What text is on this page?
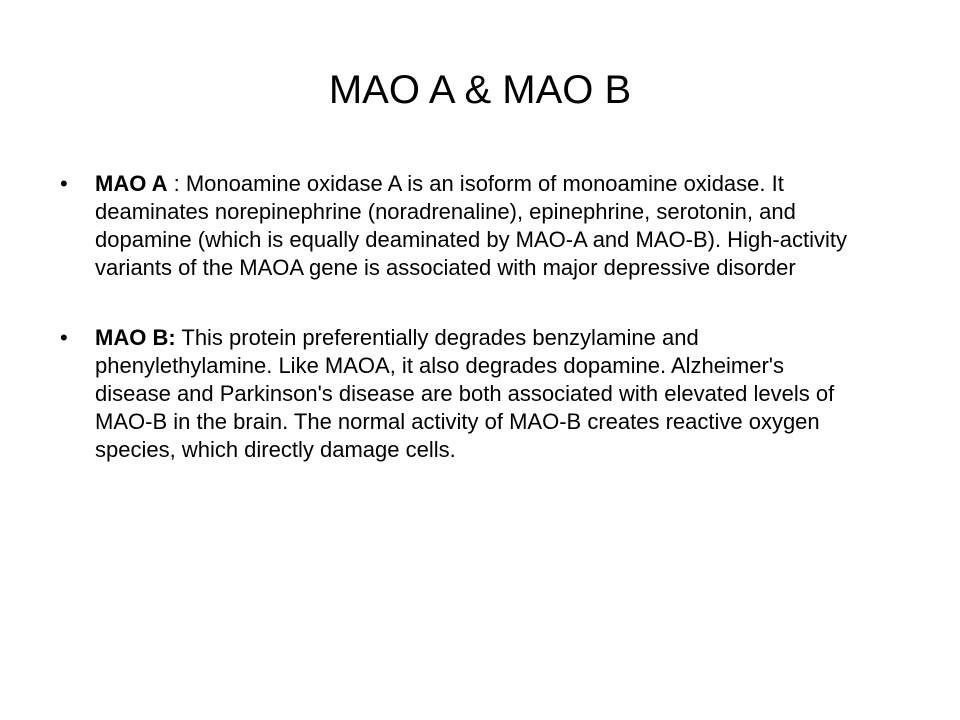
MAO A & MAO B
•	MAO A : Monoamine oxidase A is an isoform of monoamine oxidase. It deaminates norepinephrine (noradrenaline), epinephrine, serotonin, and dopamine (which is equally deaminated by MAO-A and MAO-B). High-activity variants of the MAOA gene is associated with major depressive disorder
•	MAO B: This protein preferentially degrades benzylamine and phenylethylamine. Like MAOA, it also degrades dopamine. Alzheimer's disease and Parkinson's disease are both associated with elevated levels of MAO-B in the brain. The normal activity of MAO-B creates reactive oxygen species, which directly damage cells.
